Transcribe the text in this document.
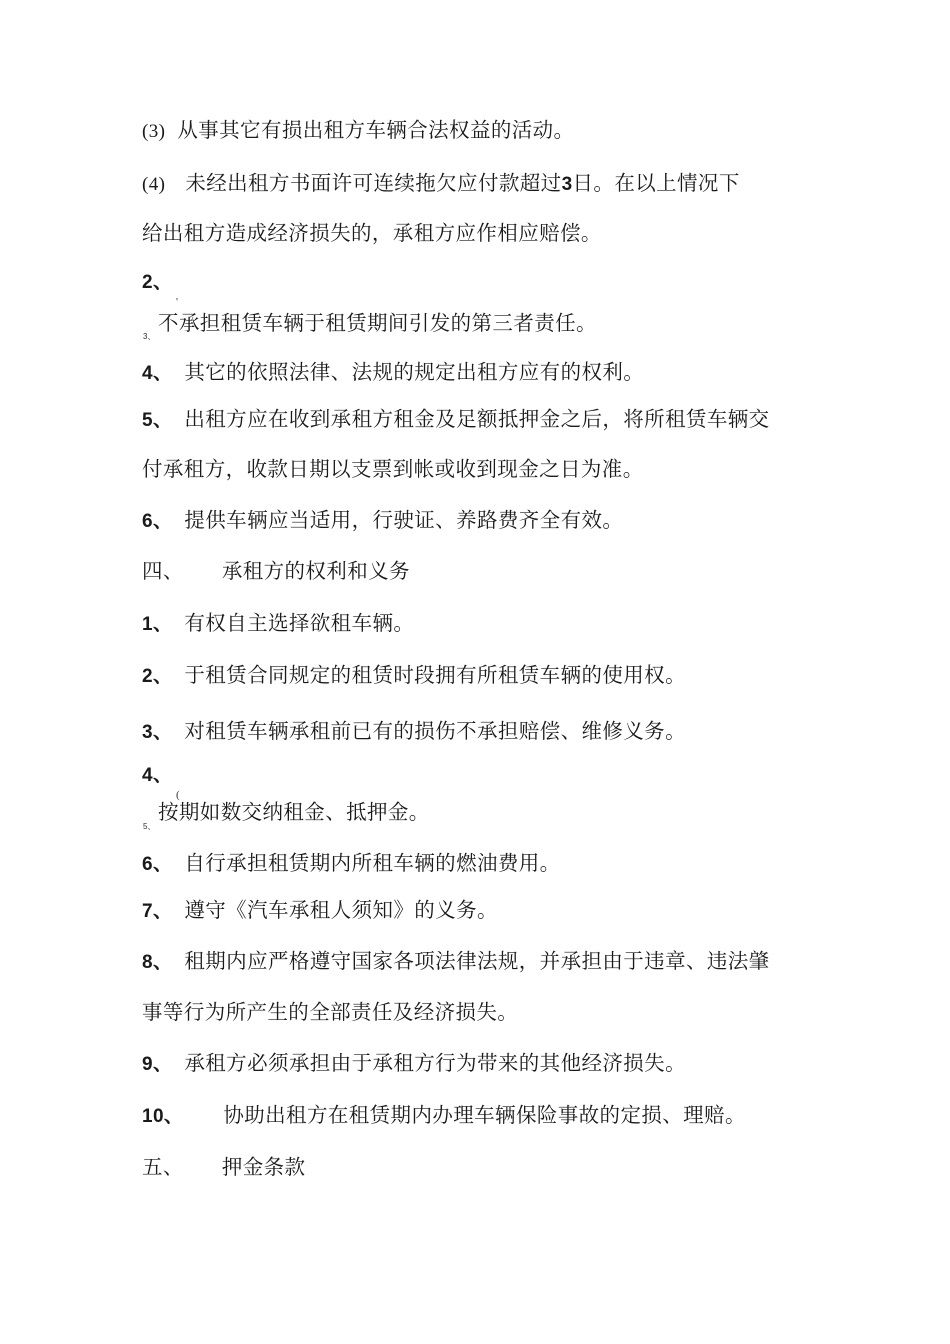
(3) 从事其它有损出租方车辆合法权益的活动。
(4) 未经出租方书面许可连续拖欠应付款超过3日。在以上情况下
给出租方造成经济损失的，承租方应作相应赔偿。
2、
'
不承担租赁车辆于租赁期间引发的第三者责任。
3、
4、 其它的依照法律、法规的规定出租方应有的权利。
5、 出租方应在收到承租方租金及足额抵押金之后，将所租赁车辆交
付承租方，收款日期以支票到帐或收到现金之日为准。
6、 提供车辆应当适用，行驶证、养路费齐全有效。
四、 承租方的权利和义务
1、 有权自主选择欲租车辆。
2、 于租赁合同规定的租赁时段拥有所租赁车辆的使用权。
3、 对租赁车辆承租前已有的损伤不承担赔偿、维修义务。
4、
(
按期如数交纳租金、抵押金。
5、
6、 自行承担租赁期内所租车辆的燃油费用。
7、 遵守《汽车承租人须知》的义务。
8、 租期内应严格遵守国家各项法律法规，并承担由于违章、违法肇
事等行为所产生的全部责任及经济损失。
9、 承租方必须承担由于承租方行为带来的其他经济损失。
10、 协助出租方在租赁期内办理车辆保险事故的定损、理赔。
五、 押金条款
